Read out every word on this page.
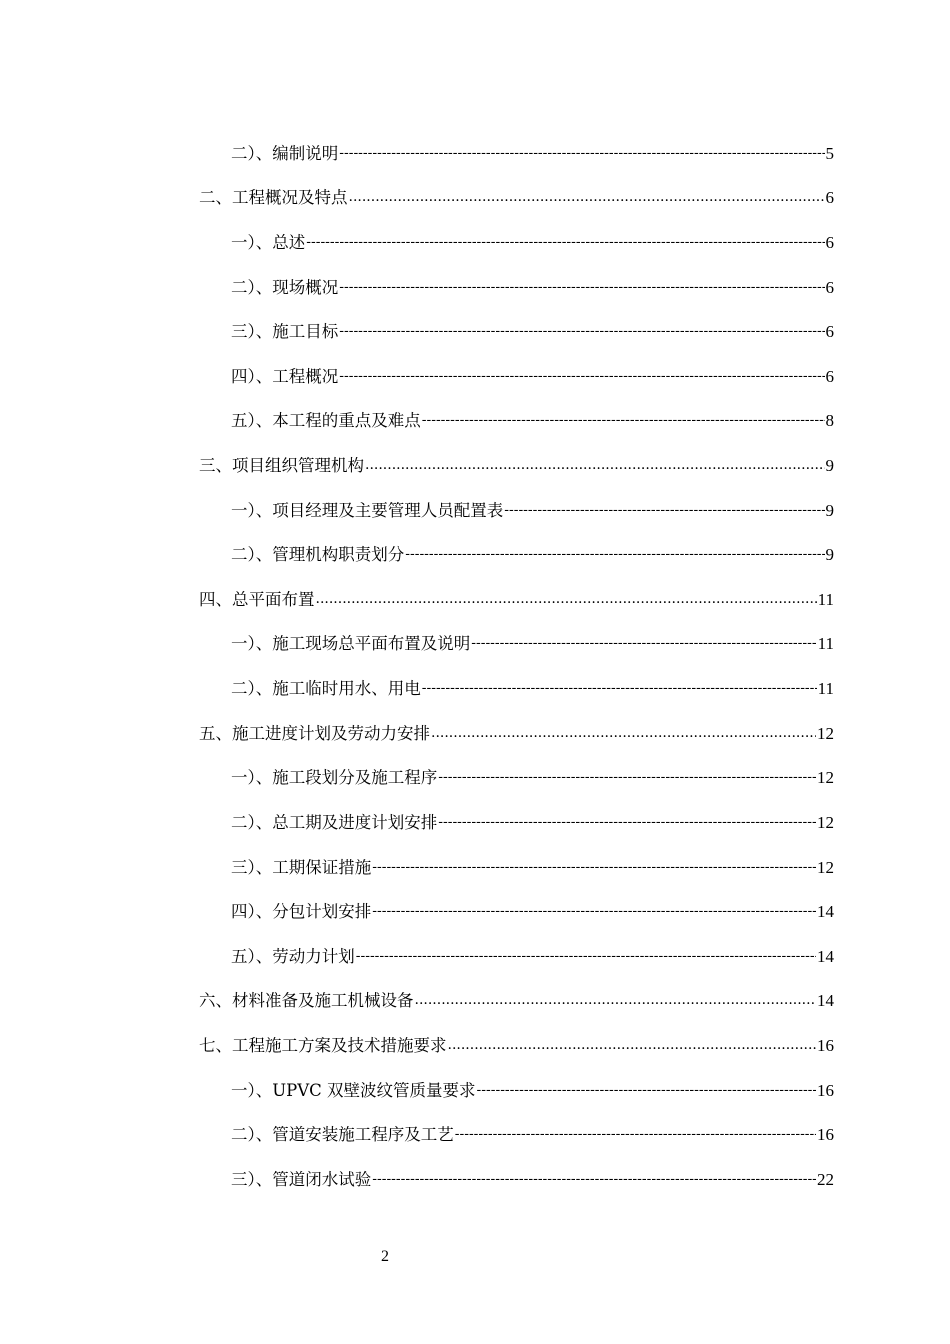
二）、编制说明 -----	5
二、工程概况及特点 .....	6
一）、总述 -----	6
二）、现场概况 -----	6
三）、施工目标 -----	6
四）、工程概况 -----	6
五）、本工程的重点及难点 -----	8
三、项目组织管理机构 .....	9
一）、项目经理及主要管理人员配置表 -----	9
二）、管理机构职责划分 -----	9
四、总平面布置 .....	11
一）、施工现场总平面布置及说明 -----	11
二）、施工临时用水、用电 -----	11
五、施工进度计划及劳动力安排 .....	12
一）、施工段划分及施工程序 -----	12
二）、总工期及进度计划安排 -----	12
三）、工期保证措施 -----	12
四）、分包计划安排 -----	14
五）、劳动力计划 -----	14
六、材料准备及施工机械设备 .....	14
七、工程施工方案及技术措施要求 .....	16
一）、UPVC 双壁波纹管质量要求 -----	16
二）、管道安装施工程序及工艺 -----	16
三）、管道闭水试验 -----	22
2
